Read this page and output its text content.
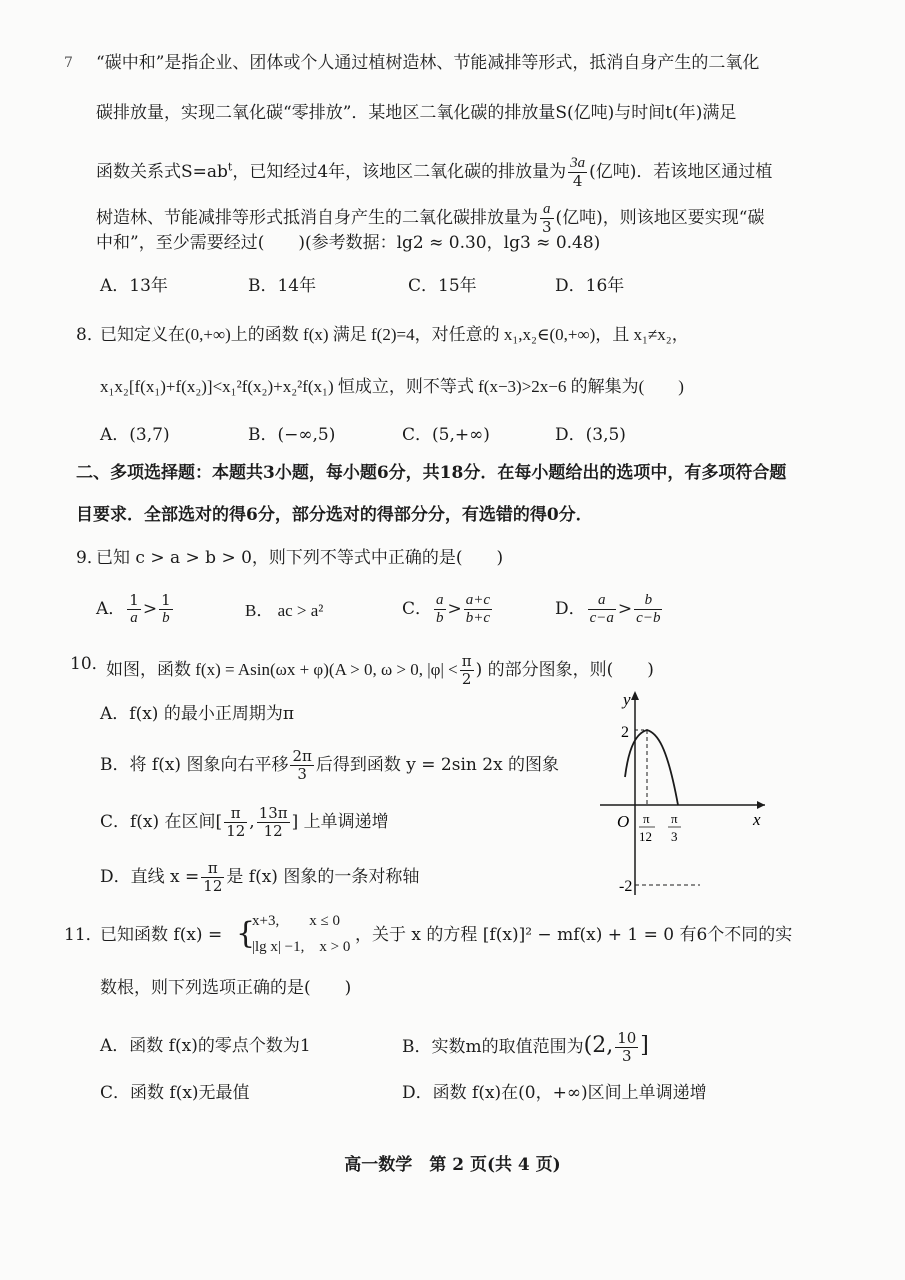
7 “碳中和”是指企业、团体或个人通过植树造林、节能减排等形式，抵消自身产生的二氧化
碳排放量，实现二氧化碳“零排放”．某地区二氧化碳的排放量S(亿吨)与时间t(年)满足
函数关系式$S=ab^t$，已知经过4年，该地区二氧化碳的排放量为 $\frac{3a}{4}$ (亿吨)．若该地区通过植
树造林、节能减排等形式抵消自身产生的二氧化碳排放量为 $\frac{a}{3}$ (亿吨)，则该地区要实现“碳
中和”，至少需要经过(　　)(参考数据：lg2 ≈ 0.30，lg3 ≈ 0.48)
A．13年	B．14年	C．15年	D．16年
8．
已知定义在(0,+∞)上的函数 f(x) 满足 f(2)=4，对任意的 x₁,x₂∈(0,+∞)，且 x₁≠x₂，
x₁x₂[f(x₁)+f(x₂)]<x₁²f(x₂)+x₂²f(x₁) 恒成立，则不等式 f(x−3)>2x−6 的解集为(　　)
A．(3,7)	B．(−∞,5)	C．(5,+∞)	D．(3,5)
二、多项选择题：本题共3小题，每小题6分，共18分．在每小题给出的选项中，有多项符合题
目要求．全部选对的得6分，部分选对的得部分分，有选错的得0分．
9．
已知 c > a > b > 0，则下列不等式中正确的是(　　)
A． $\frac{1}{a} > \frac{1}{b}$	B． ac > a²	C． $\frac{a}{b} > \frac{a+c}{b+c}$	D． $\frac{a}{c-a} > \frac{b}{c-b}$
10．
如图，函数 f(x) = Asin(ωx + φ)(A > 0, ω > 0, $|\varphi| < \frac{\pi}{2}$ ) 的部分图象，则(　　)
A．f(x) 的最小正周期为π
B．将 f(x) 图象向右平移 $\frac{2\pi}{3}$ 后得到函数 y = 2sin 2x 的图象
C．f(x) 在区间[ $\frac{\pi}{12}$ , $\frac{13\pi}{12}$ ] 上单调递增
D．直线 $x = \frac{\pi}{12}$ 是 f(x) 图象的一条对称轴
y
x
O
2
-2
π
12
π
3
11．
已知函数 f(x) = {
x+3,　　x ≤ 0
|lg x| −1,　x > 0
，关于 x 的方程 [f(x)]² − mf(x) + 1 = 0 有6个不同的实
数根，则下列选项正确的是(　　)
A．函数 f(x)的零点个数为1	B．实数m的取值范围为(2, $\frac{10}{3}$ ]
C．函数 f(x)无最值	D．函数 f(x)在(0，+∞)区间上单调递增
高一数学　第 2 页(共 4 页)
